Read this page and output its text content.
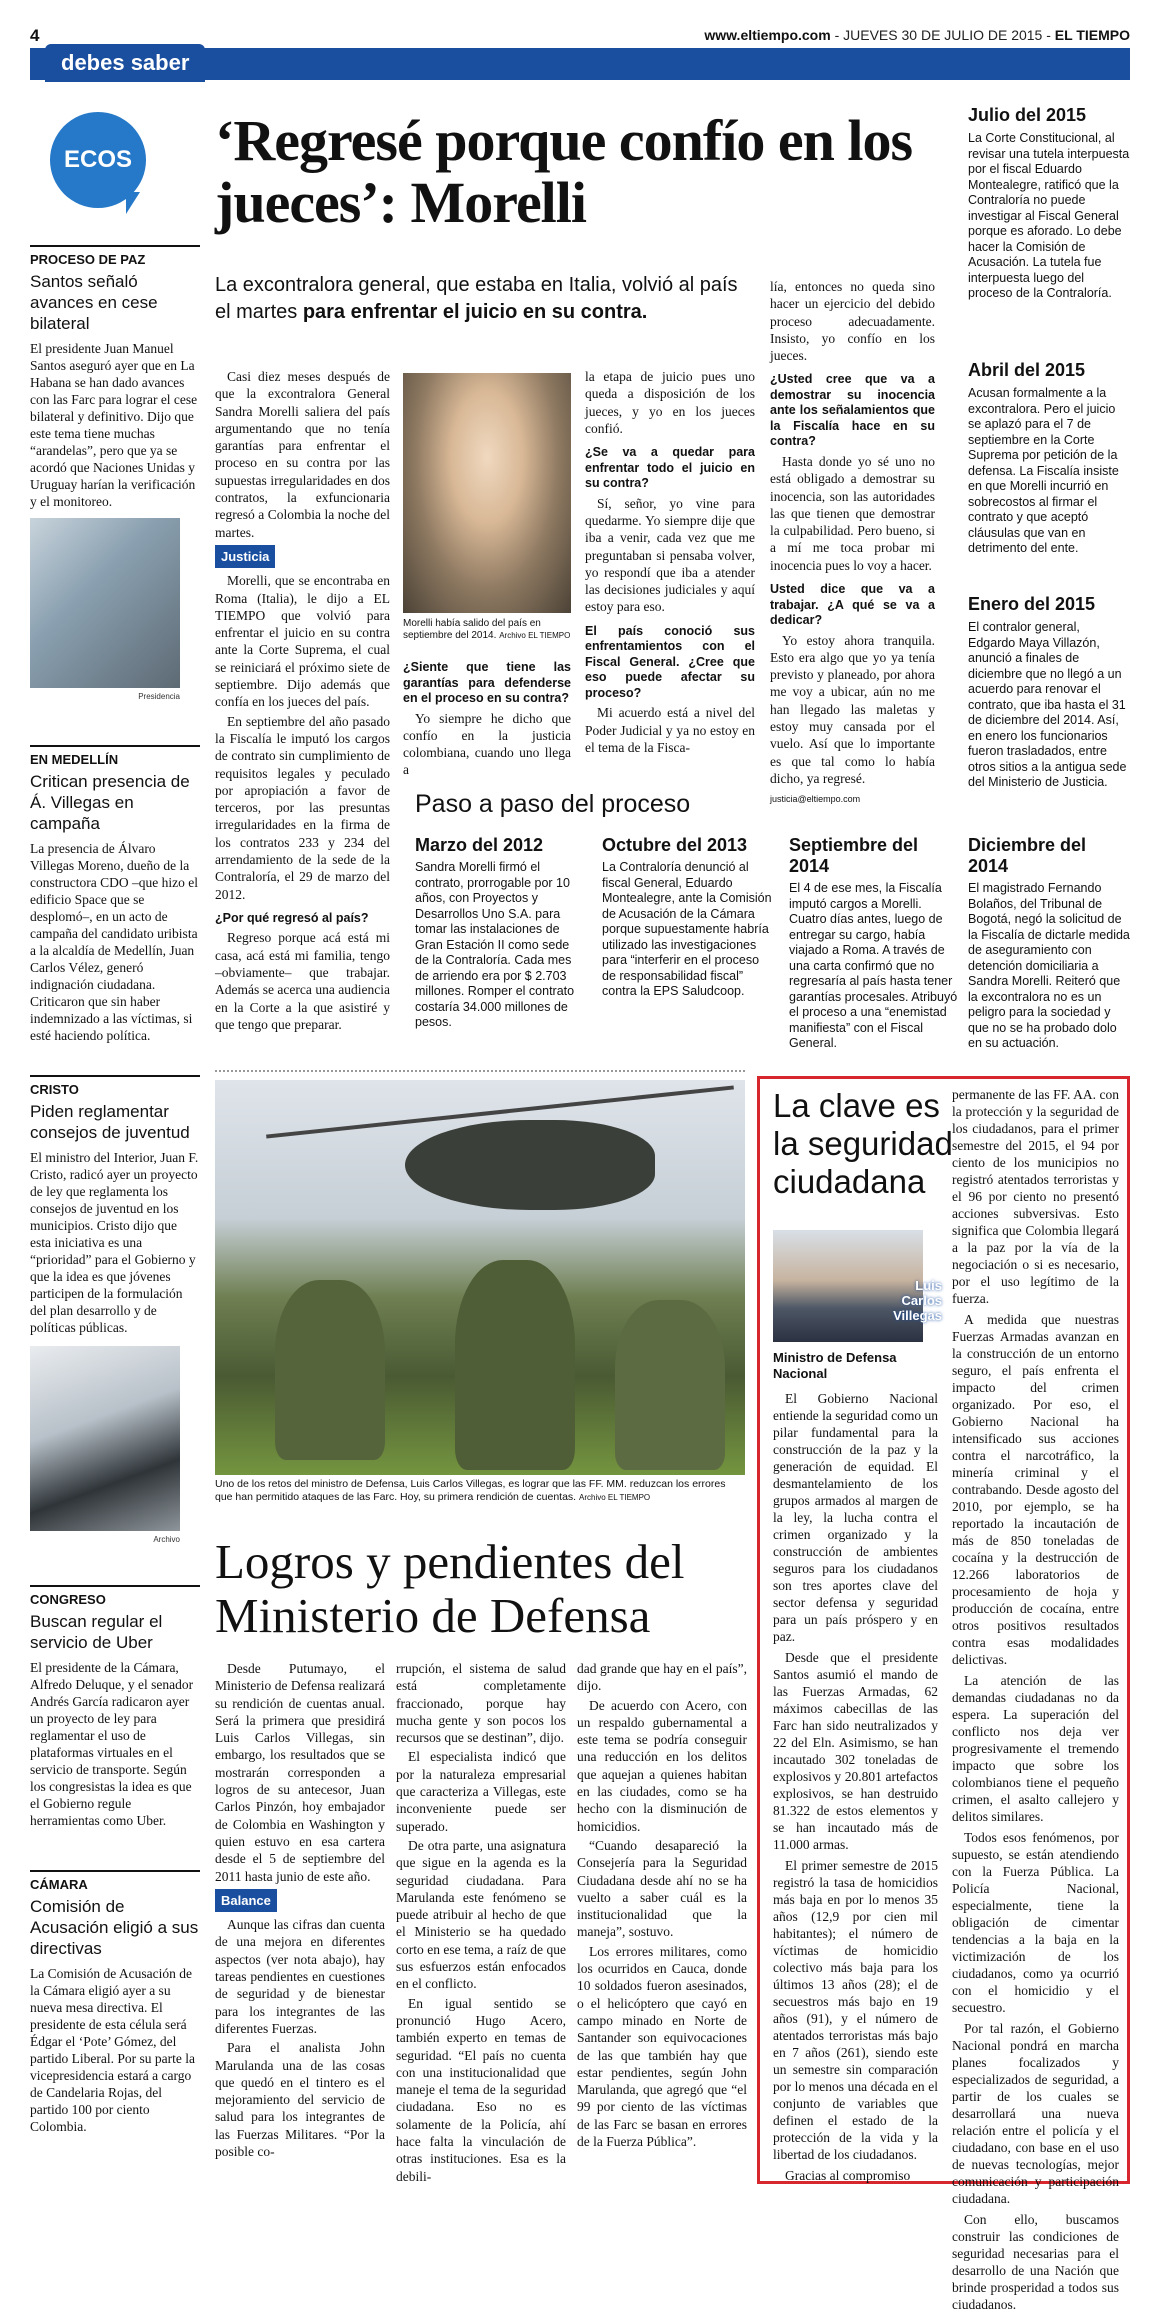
4	www.eltiempo.com - JUEVES 30 DE JULIO DE 2015 - EL TIEMPO
debes saber
ECOS
PROCESO DE PAZ
Santos señaló avances en cese bilateral
El presidente Juan Manuel Santos aseguró ayer que en La Habana se han dado avances con las Farc para lograr el cese bilateral y definitivo. Dijo que este tema tiene muchas “arandelas”, pero que ya se acordó que Naciones Unidas y Uruguay harían la verificación y el monitoreo.
Presidencia
EN MEDELLÍN
Critican presencia de Á. Villegas en campaña
La presencia de Álvaro Villegas Moreno, dueño de la constructora CDO –que hizo el edificio Space que se desplomó–, en un acto de campaña del candidato uribista a la alcaldía de Medellín, Juan Carlos Vélez, generó indignación ciudadana. Criticaron que sin haber indemnizado a las víctimas, si esté haciendo política.
CRISTO
Piden reglamentar consejos de juventud
El ministro del Interior, Juan F. Cristo, radicó ayer un proyecto de ley que reglamenta los consejos de juventud en los municipios. Cristo dijo que esta iniciativa es una “prioridad” para el Gobierno y que la idea es que jóvenes participen de la formulación del plan desarrollo y de políticas públicas.
Archivo
CONGRESO
Buscan regular el servicio de Uber
El presidente de la Cámara, Alfredo Deluque, y el senador Andrés García radicaron ayer un proyecto de ley para reglamentar el uso de plataformas virtuales en el servicio de transporte. Según los congresistas la idea es que el Gobierno regule herramientas como Uber.
CÁMARA
Comisión de Acusación eligió a sus directivas
La Comisión de Acusación de la Cámara eligió ayer a su nueva mesa directiva. El presidente de esta célula será Édgar el ‘Pote’ Gómez, del partido Liberal. Por su parte la vicepresidencia estará a cargo de Candelaria Rojas, del partido 100 por ciento Colombia.
‘Regresé porque confío en los jueces’: Morelli
La excontralora general, que estaba en Italia, volvió al país el martes para enfrentar el juicio en su contra.

Casi diez meses después de que la excontralora General Sandra Morelli saliera del país argumentando que no tenía garantías para enfrentar el proceso en su contra por las supuestas irregularidades en dos contratos, la exfuncionaria regresó a Colombia la noche del martes.

Justicia

Morelli, que se encontraba en Roma (Italia), le dijo a EL TIEMPO que volvió para enfrentar el juicio en su contra ante la Corte Suprema, el cual se reiniciará el próximo siete de septiembre. Dijo además que confía en los jueces del país.

En septiembre del año pasado la Fiscalía le imputó los cargos de contrato sin cumplimiento de requisitos legales y peculado por apropiación a favor de terceros, por las presuntas irregularidades en la firma de los contratos 233 y 234 del arrendamiento de la sede de la Contraloría, el 29 de marzo del 2012.

¿Por qué regresó al país?

Regreso porque acá está mi casa, acá está mi familia, tengo –obviamente– que trabajar. Además se acerca una audiencia en la Corte a la que asistiré y que tengo que preparar.

Morelli había salido del país en septiembre del 2014. Archivo EL TIEMPO

¿Siente que tiene las garantías para defenderse en el proceso en su contra?

Yo siempre he dicho que confío en la justicia colombiana, cuando uno llega a

la etapa de juicio pues uno queda a disposición de los jueces, y yo en los jueces confió.

¿Se va a quedar para enfrentar todo el juicio en su contra?

Sí, señor, yo vine para quedarme. Yo siempre dije que iba a venir, cada vez que me preguntaban si pensaba volver, yo respondí que iba a atender las decisiones judiciales y aquí estoy para eso.

El país conoció sus enfrentamientos con el Fiscal General. ¿Cree que eso puede afectar su proceso?

Mi acuerdo está a nivel del Poder Judicial y ya no estoy en el tema de la Fisca-

lía, entonces no queda sino hacer un ejercicio del debido proceso adecuadamente. Insisto, yo confío en los jueces.

¿Usted cree que va a demostrar su inocencia ante los señalamientos que la Fiscalía hace en su contra?

Hasta donde yo sé uno no está obligado a demostrar su inocencia, son las autoridades las que tienen que demostrar la culpabilidad. Pero bueno, si a mí me toca probar mi inocencia pues lo voy a hacer.

Usted dice que va a trabajar. ¿A qué se va a dedicar?

Yo estoy ahora tranquila. Esto era algo que yo ya tenía previsto y planeado, por ahora me voy a ubicar, aún no me han llegado las maletas y estoy muy cansada por el vuelo. Así que lo importante es que tal como lo había dicho, ya regresé.

justicia@eltiempo.com

Julio del 2015
La Corte Constitucional, al revisar una tutela interpuesta por el fiscal Eduardo Montealegre, ratificó que la Contraloría no puede investigar al Fiscal General porque es aforado. Lo debe hacer la Comisión de Acusación. La tutela fue interpuesta luego del proceso de la Contraloría.
Abril del 2015
Acusan formalmente a la excontralora. Pero el juicio se aplazó para el 7 de septiembre en la Corte Suprema por petición de la defensa. La Fiscalía insiste en que Morelli incurrió en sobrecostos al firmar el contrato y que aceptó cláusulas que van en detrimento del ente.
Enero del 2015
El contralor general, Edgardo Maya Villazón, anunció a finales de diciembre que no llegó a un acuerdo para renovar el contrato, que iba hasta el 31 de diciembre del 2014. Así, en enero los funcionarios fueron trasladados, entre otros sitios a la antigua sede del Ministerio de Justicia.
Paso a paso del proceso
Marzo del 2012
Sandra Morelli firmó el contrato, prorrogable por 10 años, con Proyectos y Desarrollos Uno S.A. para tomar las instalaciones de Gran Estación II como sede de la Contraloría. Cada mes de arriendo era por $ 2.703 millones. Romper el contrato costaría 34.000 millones de pesos.
Octubre del 2013
La Contraloría denunció al fiscal General, Eduardo Montealegre, ante la Comisión de Acusación de la Cámara porque supuestamente habría utilizado las investigaciones para “interferir en el proceso de responsabilidad fiscal” contra la EPS Saludcoop.
Septiembre del 2014
El 4 de ese mes, la Fiscalía imputó cargos a Morelli. Cuatro días antes, luego de entregar su cargo, había viajado a Roma. A través de una carta confirmó que no regresaría al país hasta tener garantías procesales. Atribuyó el proceso a una “enemistad manifiesta” con el Fiscal General.
Diciembre del 2014
El magistrado Fernando Bolaños, del Tribunal de Bogotá, negó la solicitud de la Fiscalía de dictarle medida de aseguramiento con detención domiciliaria a Sandra Morelli. Reiteró que la excontralora no es un peligro para la sociedad y que no se ha probado dolo en su actuación.
Uno de los retos del ministro de Defensa, Luis Carlos Villegas, es lograr que las FF. MM. reduzcan los errores que han permitido ataques de las Farc. Hoy, su primera rendición de cuentas. Archivo EL TIEMPO
Logros y pendientes del Ministerio de Defensa

Desde Putumayo, el Ministerio de Defensa realizará su rendición de cuentas anual. Será la primera que presidirá Luis Carlos Villegas, sin embargo, los resultados que se mostrarán corresponden a logros de su antecesor, Juan Carlos Pinzón, hoy embajador de Colombia en Washington y quien estuvo en esa cartera desde el 5 de septiembre del 2011 hasta junio de este año.

Balance

Aunque las cifras dan cuenta de una mejora en diferentes aspectos (ver nota abajo), hay tareas pendientes en cuestiones de seguridad y de bienestar para los integrantes de las diferentes Fuerzas.

Para el analista John Marulanda una de las cosas que quedó en el tintero es el mejoramiento del servicio de salud para los integrantes de las Fuerzas Militares. “Por la posible co-

rrupción, el sistema de salud está completamente fraccionado, porque hay mucha gente y son pocos los recursos que se destinan”, dijo.

El especialista indicó que por la naturaleza empresarial que caracteriza a Villegas, este inconveniente puede ser superado.

De otra parte, una asignatura que sigue en la agenda es la seguridad ciudadana. Para Marulanda este fenómeno se puede atribuir al hecho de que el Ministerio se ha quedado corto en ese tema, a raíz de que sus esfuerzos están enfocados en el conflicto.

En igual sentido se pronunció Hugo Acero, también experto en temas de seguridad. “El país no cuenta con una institucionalidad que maneje el tema de la seguridad ciudadana. Eso no es solamente de la Policía, ahí hace falta la vinculación de otras instituciones. Esa es la debili-

dad grande que hay en el país”, dijo.

De acuerdo con Acero, con un respaldo gubernamental a este tema se podría conseguir una reducción en los delitos que aquejan a quienes habitan en las ciudades, como se ha hecho con la disminución de homicidios.

“Cuando desapareció la Consejería para la Seguridad Ciudadana desde ahí no se ha vuelto a saber cuál es la institucionalidad que la maneja”, sostuvo.

Los errores militares, como los ocurridos en Cauca, donde 10 soldados fueron asesinados, o el helicóptero que cayó en campo minado en Norte de Santander son equivocaciones de las que también hay que estar pendientes, según John Marulanda, que agregó que “el 99 por ciento de las víctimas de las Farc se basan en errores de la Fuerza Pública”.

La clave es la seguridad ciudadana
Luis Carlos Villegas
Ministro de Defensa Nacional

El Gobierno Nacional entiende la seguridad como un pilar fundamental para la construcción de la paz y la generación de equidad. El desmantelamiento de los grupos armados al margen de la ley, la lucha contra el crimen organizado y la construcción de ambientes seguros para los ciudadanos son tres aportes clave del sector defensa y seguridad para un país próspero y en paz.

Desde que el presidente Santos asumió el mando de las Fuerzas Armadas, 62 máximos cabecillas de las Farc han sido neutralizados y 22 del Eln. Asimismo, se han incautado 302 toneladas de explosivos y 20.801 artefactos explosivos, se han destruido 81.322 de estos elementos y se han incautado más de 11.000 armas.

El primer semestre de 2015 registró la tasa de homicidios más baja en por lo menos 35 años (12,9 por cien mil habitantes); el número de víctimas de homicidio colectivo más baja para los últimos 13 años (28); el de secuestros más bajo en 19 años (91), y el número de atentados terroristas más bajo en 7 años (261), siendo este un semestre sin comparación por lo menos una década en el conjunto de variables que definen el estado de la protección de la vida y la libertad de los ciudadanos.

Gracias al compromiso

permanente de las FF. AA. con la protección y la seguridad de los ciudadanos, para el primer semestre del 2015, el 94 por ciento de los municipios no registró atentados terroristas y el 96 por ciento no presentó acciones subversivas. Esto significa que Colombia llegará a la paz por la vía de la negociación o si es necesario, por el uso legítimo de la fuerza.

A medida que nuestras Fuerzas Armadas avanzan en la construcción de un entorno seguro, el país enfrenta el impacto del crimen organizado. Por eso, el Gobierno Nacional ha intensificado sus acciones contra el narcotráfico, la minería criminal y el contrabando. Desde agosto del 2010, por ejemplo, se ha reportado la incautación de más de 850 toneladas de cocaína y la destrucción de 12.266 laboratorios de procesamiento de hoja y producción de cocaína, entre otros positivos resultados contra esas modalidades delictivas.

La atención de las demandas ciudadanas no da espera. La superación del conflicto nos deja ver progresivamente el tremendo impacto que sobre los colombianos tiene el pequeño crimen, el asalto callejero y delitos similares.

Todos esos fenómenos, por supuesto, se están atendiendo con la Fuerza Pública. La Policía Nacional, especialmente, tiene la obligación de cimentar tendencias a la baja en la victimización de los ciudadanos, como ya ocurrió con el homicidio y el secuestro.

Por tal razón, el Gobierno Nacional pondrá en marcha planes focalizados y especializados de seguridad, a partir de los cuales se desarrollará una nueva relación entre el policía y el ciudadano, con base en el uso de nuevas tecnologías, mejor comunicación y participación ciudadana.

Con ello, buscamos construir las condiciones de seguridad necesarias para el desarrollo de una Nación que brinde prosperidad a todos sus ciudadanos.
